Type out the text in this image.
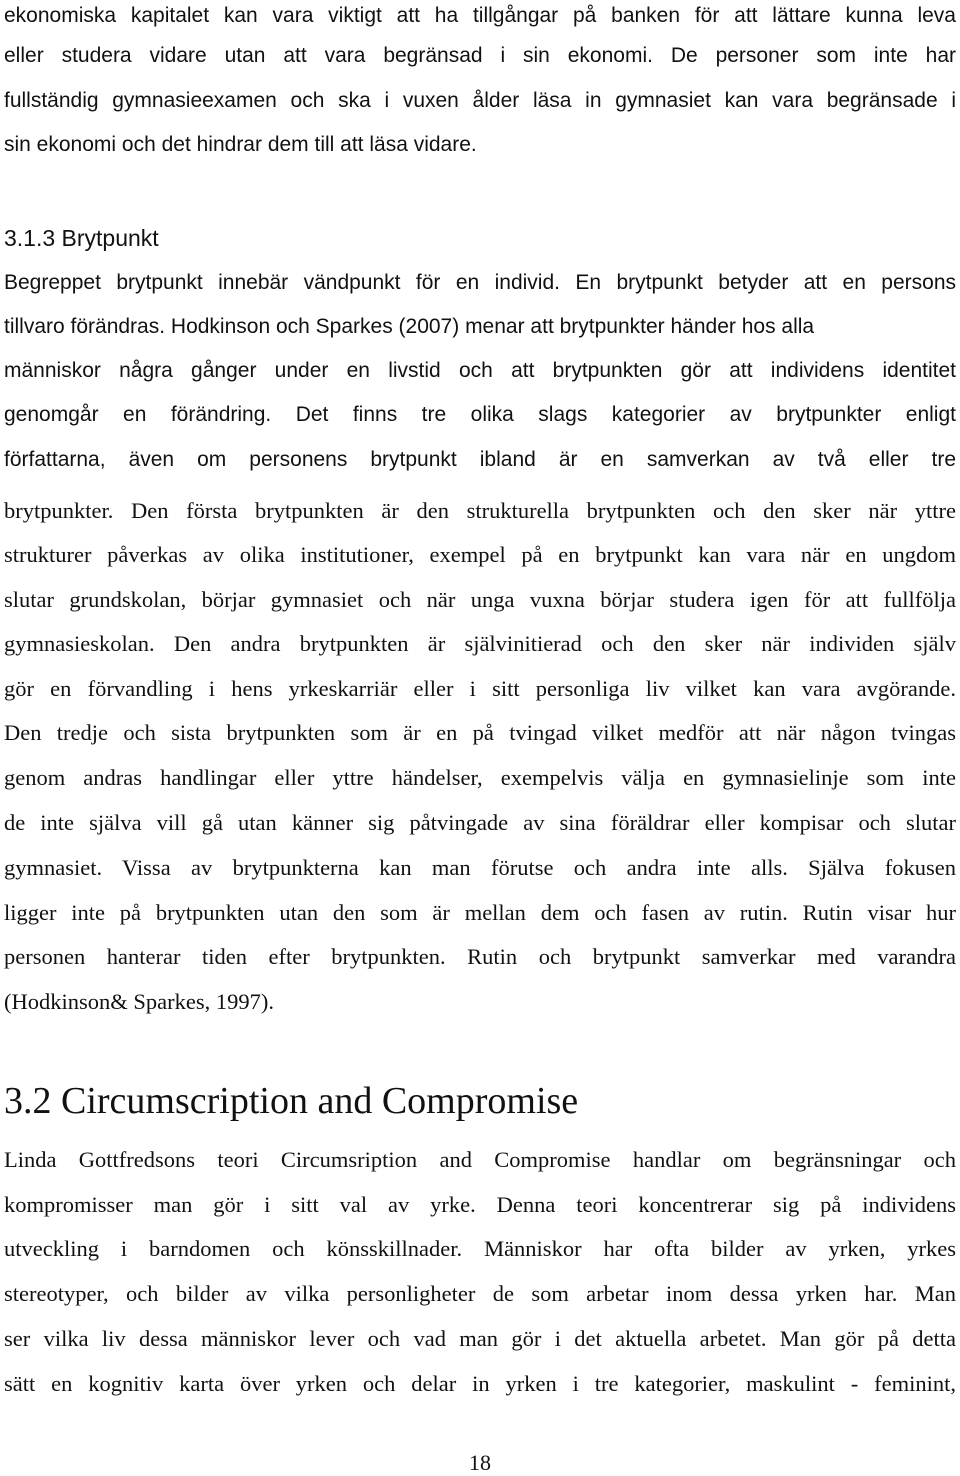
ekonomiska kapitalet kan vara viktigt att ha tillgångar på banken för att lättare kunna leva
eller studera vidare utan att vara begränsad i sin ekonomi. De personer som inte har
fullständig gymnasieexamen och ska i vuxen ålder läsa in gymnasiet kan vara begränsade i
sin ekonomi och det hindrar dem till att läsa vidare.
3.1.3 Brytpunkt
Begreppet brytpunkt innebär vändpunkt för en individ. En brytpunkt betyder att en persons
tillvaro förändras. Hodkinson och Sparkes (2007) menar att brytpunkter händer hos alla
människor några gånger under en livstid och att brytpunkten gör att individens identitet
genomgår en förändring. Det finns tre olika slags kategorier av brytpunkter enligt
författarna, även om personens brytpunkt ibland är en samverkan av två eller tre
brytpunkter. Den första brytpunkten är den strukturella brytpunkten och den sker när yttre
strukturer påverkas av olika institutioner, exempel på en brytpunkt kan vara när en ungdom
slutar grundskolan, börjar gymnasiet och när unga vuxna börjar studera igen för att fullfölja
gymnasieskolan. Den andra brytpunkten är självinitierad och den sker när individen själv
gör en förvandling i hens yrkeskarriär eller i sitt personliga liv vilket kan vara avgörande.
Den tredje och sista brytpunkten som är en på tvingad vilket medför att när någon tvingas
genom andras handlingar eller yttre händelser, exempelvis välja en gymnasielinje som inte
de inte själva vill gå utan känner sig påtvingade av sina föräldrar eller kompisar och slutar
gymnasiet. Vissa av brytpunkterna kan man förutse och andra inte alls. Själva fokusen
ligger inte på brytpunkten utan den som är mellan dem och fasen av rutin. Rutin visar hur
personen hanterar tiden efter brytpunkten. Rutin och brytpunkt samverkar med varandra
(Hodkinson& Sparkes, 1997).
3.2 Circumscription and Compromise
Linda Gottfredsons teori Circumsription and Compromise handlar om begränsningar och
kompromisser man gör i sitt val av yrke. Denna teori koncentrerar sig på individens
utveckling i barndomen och könsskillnader. Människor har ofta bilder av yrken, yrkes
stereotyper, och bilder av vilka personligheter de som arbetar inom dessa yrken har. Man
ser vilka liv dessa människor lever och vad man gör i det aktuella arbetet. Man gör på detta
sätt en kognitiv karta över yrken och delar in yrken i tre kategorier, maskulint - feminint,
18
